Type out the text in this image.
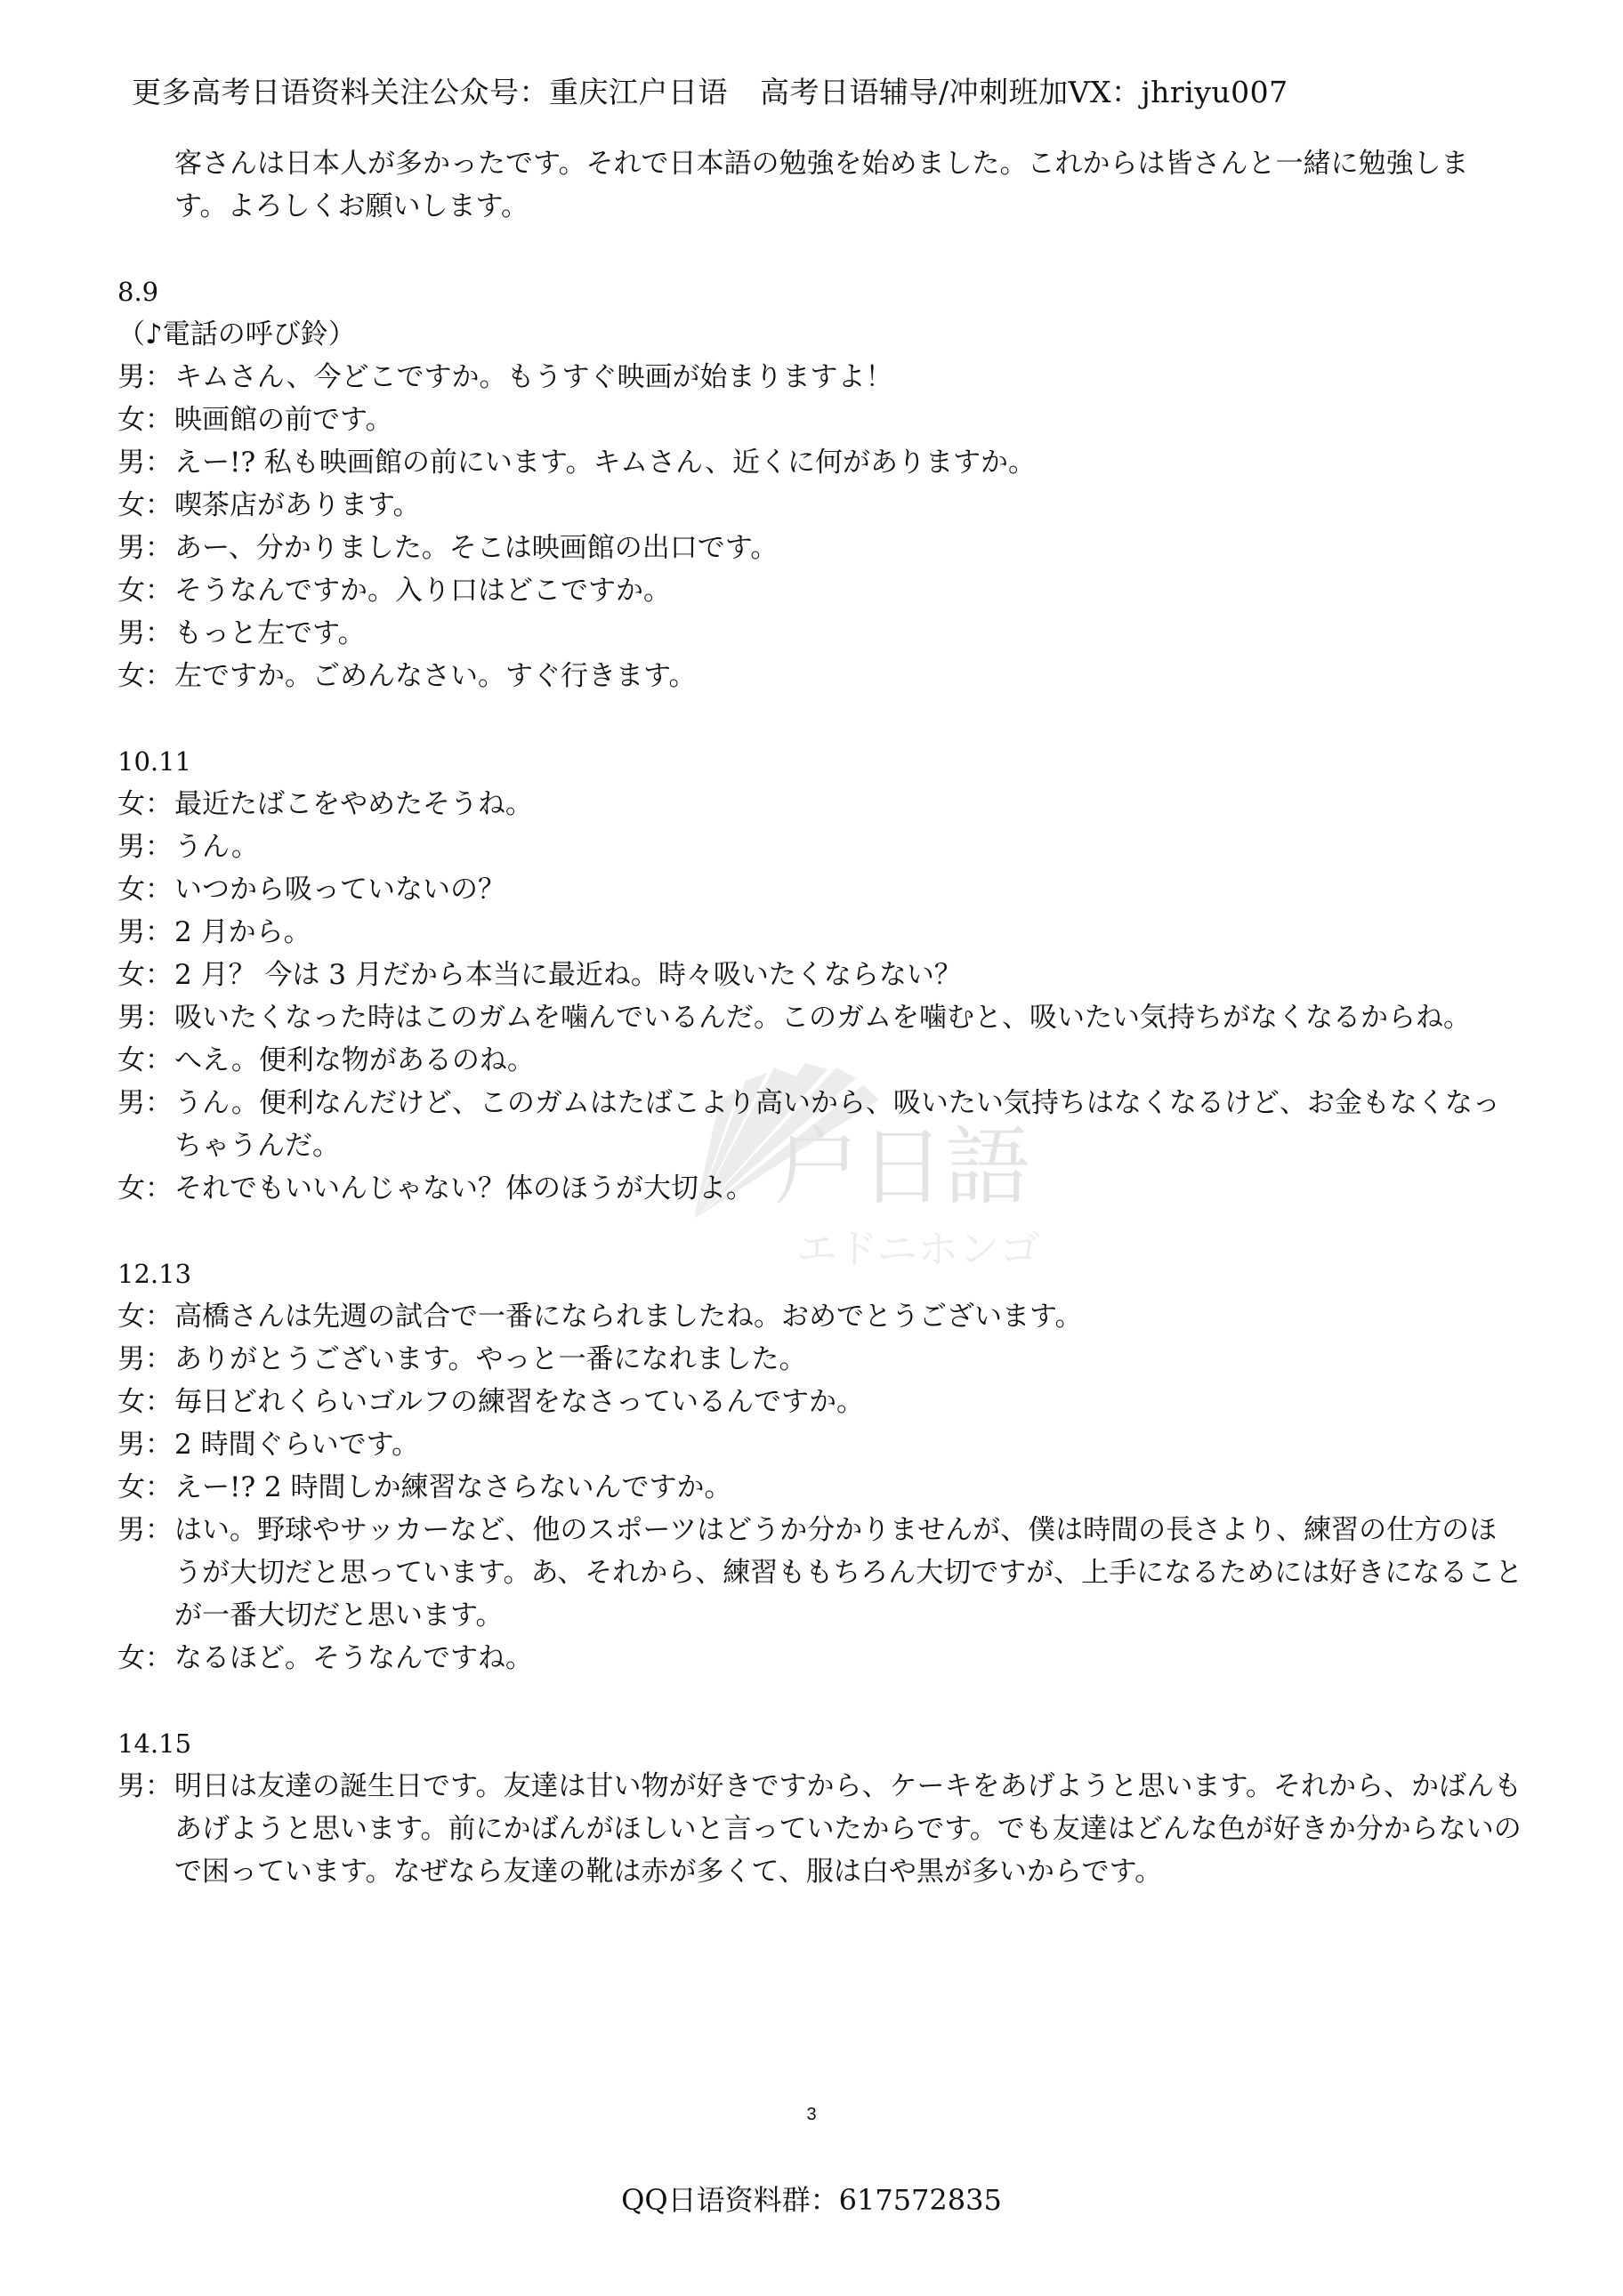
更多高考日语资料关注公众号：重庆江户日语 高考日语辅导/冲刺班加VX：jhriyu007
户日語
エドニホンゴ
客さんは日本人が多かったです。それで日本語の勉強を始めました。これからは皆さんと一緒に勉強しま
す。よろしくお願いします。
8.9
（♪電話の呼び鈴）
男： キムさん、今どこですか。もうすぐ映画が始まりますよ！
女： 映画館の前です。
男： えー!? 私も映画館の前にいます。キムさん、近くに何がありますか。
女： 喫茶店があります。
男： あー、分かりました。そこは映画館の出口です。
女： そうなんですか。入り口はどこですか。
男： もっと左です。
女： 左ですか。ごめんなさい。すぐ行きます。
10.11
女： 最近たばこをやめたそうね。
男： うん。
女： いつから吸っていないの？
男： 2 月から。
女： 2 月？ 今は 3 月だから本当に最近ね。時々吸いたくならない？
男： 吸いたくなった時はこのガムを噛んでいるんだ。このガムを噛むと、吸いたい気持ちがなくなるからね。
女： へえ。便利な物があるのね。
男： うん。便利なんだけど、このガムはたばこより高いから、吸いたい気持ちはなくなるけど、お金もなくなっちゃうんだ。
女： それでもいいんじゃない？体のほうが大切よ。
12.13
女： 高橋さんは先週の試合で一番になられましたね。おめでとうございます。
男： ありがとうございます。やっと一番になれました。
女： 毎日どれくらいゴルフの練習をなさっているんですか。
男： 2 時間ぐらいです。
女： えー!? 2 時間しか練習なさらないんですか。
男： はい。野球やサッカーなど、他のスポーツはどうか分かりませんが、僕は時間の長さより、練習の仕方のほうが大切だと思っています。あ、それから、練習ももちろん大切ですが、上手になるためには好きになることが一番大切だと思います。
女： なるほど。そうなんですね。
14.15
男： 明日は友達の誕生日です。友達は甘い物が好きですから、ケーキをあげようと思います。それから、かばんもあげようと思います。前にかばんがほしいと言っていたからです。でも友達はどんな色が好きか分からないので困っています。なぜなら友達の靴は赤が多くて、服は白や黒が多いからです。
3
QQ日语资料群：617572835
